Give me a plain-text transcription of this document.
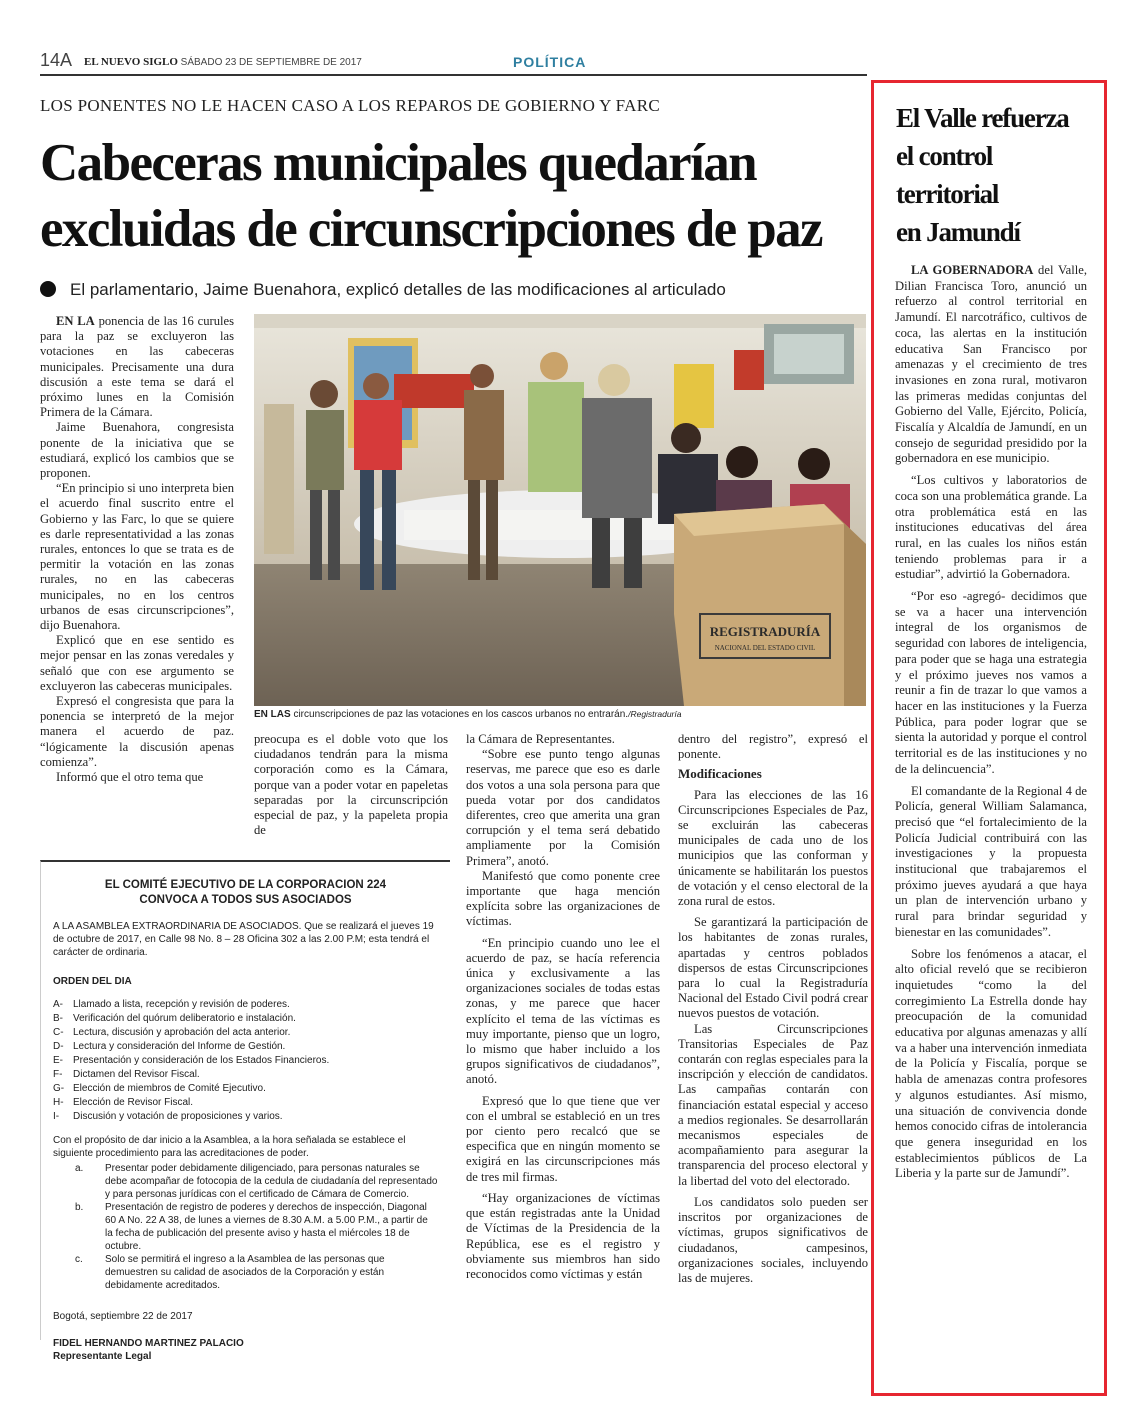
14A EL NUEVO SIGLO SÁBADO 23 DE SEPTIEMBRE DE 2017	POLÍTICA
LOS PONENTES NO LE HACEN CASO A LOS REPAROS DE GOBIERNO Y FARC
Cabeceras municipales quedarían excluidas de circunscripciones de paz
El parlamentario, Jaime Buenahora, explicó detalles de las modificaciones al articulado

EN LA ponencia de las 16 curules para la paz se excluyeron las votaciones en las cabeceras municipales. Precisamente una dura discusión a este tema se dará el próximo lunes en la Comisión Primera de la Cámara.

Jaime Buenahora, congresista ponente de la iniciativa que se estudiará, explicó los cambios que se proponen.

“En principio si uno interpreta bien el acuerdo final suscrito entre el Gobierno y las Farc, lo que se quiere es darle representatividad a las zonas rurales, entonces lo que se trata es de permitir la votación en las zonas rurales, no en las cabeceras municipales, no en los centros urbanos de esas circunscripciones”, dijo Buenahora.

Explicó que en ese sentido es mejor pensar en las zonas veredales y señaló que con ese argumento se excluyeron las cabeceras municipales.

Expresó el congresista que para la ponencia se interpretó de la mejor manera el acuerdo de paz. “lógicamente la discusión apenas comienza”.

Informó que el otro tema que

REGISTRADURÍA
NACIONAL DEL ESTADO CIVIL
EN LAS circunscripciones de paz las votaciones en los cascos urbanos no entrarán./Registraduría

preocupa es el doble voto que los ciudadanos tendrán para la misma corporación como es la Cámara, porque van a poder votar en papeletas separadas por la circunscripción especial de paz, y la papeleta propia de

la Cámara de Representantes.

“Sobre ese punto tengo algunas reservas, me parece que eso es darle dos votos a una sola persona para que pueda votar por dos candidatos diferentes, creo que amerita una gran corrupción y el tema será debatido ampliamente por la Comisión Primera”, anotó.

Manifestó que como ponente cree importante que haga mención explícita sobre las organizaciones de víctimas.

“En principio cuando uno lee el acuerdo de paz, se hacía referencia única y exclusivamente a las organizaciones sociales de todas estas zonas, y me parece que hacer explícito el tema de las víctimas es muy importante, pienso que un logro, lo mismo que haber incluido a los grupos significativos de ciudadanos”, anotó.

Expresó que lo que tiene que ver con el umbral se estableció en un tres por ciento pero recalcó que se especifica que en ningún momento se exigirá en las circunscripciones más de tres mil firmas.

“Hay organizaciones de víctimas que están registradas ante la Unidad de Víctimas de la Presidencia de la República, ese es el registro y obviamente sus miembros han sido reconocidos como víctimas y están

dentro del registro”, expresó el ponente.

Modificaciones

Para las elecciones de las 16 Circunscripciones Especiales de Paz, se excluirán las cabeceras municipales de cada uno de los municipios que las conforman y únicamente se habilitarán los puestos de votación y el censo electoral de la zona rural de estos.

Se garantizará la participación de los habitantes de zonas rurales, apartadas y centros poblados dispersos de estas Circunscripciones para lo cual la Registraduría Nacional del Estado Civil podrá crear nuevos puestos de votación.

Las Circunscripciones Transitorias Especiales de Paz contarán con reglas especiales para la inscripción y elección de candidatos. Las campañas contarán con financiación estatal especial y acceso a medios regionales. Se desarrollarán mecanismos especiales de acompañamiento para asegurar la transparencia del proceso electoral y la libertad del voto del electorado.

Los candidatos solo pueden ser inscritos por organizaciones de víctimas, grupos significativos de ciudadanos, campesinos, organizaciones sociales, incluyendo las de mujeres.

EL COMITÉ EJECUTIVO DE LA CORPORACION 224
CONVOCA A TODOS SUS ASOCIADOS

A LA ASAMBLEA EXTRAORDINARIA DE ASOCIADOS. Que se realizará el jueves 19 de octubre de 2017, en Calle 98 No. 8 – 28 Oficina 302 a las 2.00 P.M; esta tendrá el carácter de ordinaria.

ORDEN DEL DIA
A- Llamado a lista, recepción y revisión de poderes.
B- Verificación del quórum deliberatorio e instalación.
C- Lectura, discusión y aprobación del acta anterior.
D- Lectura y consideración del Informe de Gestión.
E- Presentación y consideración de los Estados Financieros.
F- Dictamen del Revisor Fiscal.
G- Elección de miembros de Comité Ejecutivo.
H- Elección de Revisor Fiscal.
I- Discusión y votación de proposiciones y varios.

Con el propósito de dar inicio a la Asamblea, a la hora señalada se establece el siguiente procedimiento para las acreditaciones de poder.

a. Presentar poder debidamente diligenciado, para personas naturales se debe acompañar de fotocopia de la cedula de ciudadanía del representado y para personas jurídicas con el certificado de Cámara de Comercio.
b. Presentación de registro de poderes y derechos de inspección, Diagonal 60 A No. 22 A 38, de lunes a viernes de 8.30 A.M. a 5.00 P.M., a partir de la fecha de publicación del presente aviso y hasta el miércoles 18 de octubre.
c. Solo se permitirá el ingreso a la Asamblea de las personas que demuestren su calidad de asociados de la Corporación y están debidamente acreditados.

Bogotá, septiembre 22 de 2017

FIDEL HERNANDO MARTINEZ PALACIO

Representante Legal

El Valle refuerza
el control
territorial
en Jamundí

LA GOBERNADORA del Valle, Dilian Francisca Toro, anunció un refuerzo al control territorial en Jamundí. El narcotráfico, cultivos de coca, las alertas en la institución educativa San Francisco por amenazas y el crecimiento de tres invasiones en zona rural, motivaron las primeras medidas conjuntas del Gobierno del Valle, Ejército, Policía, Fiscalía y Alcaldía de Jamundí, en un consejo de seguridad presidido por la gobernadora en ese municipio.

“Los cultivos y laboratorios de coca son una problemática grande. La otra problemática está en las instituciones educativas del área rural, en las cuales los niños están teniendo problemas para ir a estudiar”, advirtió la Gobernadora.

“Por eso -agregó- decidimos que se va a hacer una intervención integral de los organismos de seguridad con labores de inteligencia, para poder que se haga una estrategia y el próximo jueves nos vamos a reunir a fin de trazar lo que vamos a hacer en las instituciones y la Fuerza Pública, para poder lograr que se sienta la autoridad y porque el control territorial es de las instituciones y no de la delincuencia”.

El comandante de la Regional 4 de Policía, general William Salamanca, precisó que “el fortalecimiento de la Policía Judicial contribuirá con las investigaciones y la propuesta institucional que trabajaremos el próximo jueves ayudará a que haya un plan de intervención urbano y rural para brindar seguridad y bienestar en las comunidades”.

Sobre los fenómenos a atacar, el alto oficial reveló que se recibieron inquietudes “como la del corregimiento La Estrella donde hay preocupación de la comunidad educativa por algunas amenazas y allí va a haber una intervención inmediata de la Policía y Fiscalía, porque se habla de amenazas contra profesores y algunos estudiantes. Así mismo, una situación de convivencia donde hemos conocido cifras de intolerancia que genera inseguridad en los establecimientos públicos de La Liberia y la parte sur de Jamundí”.
